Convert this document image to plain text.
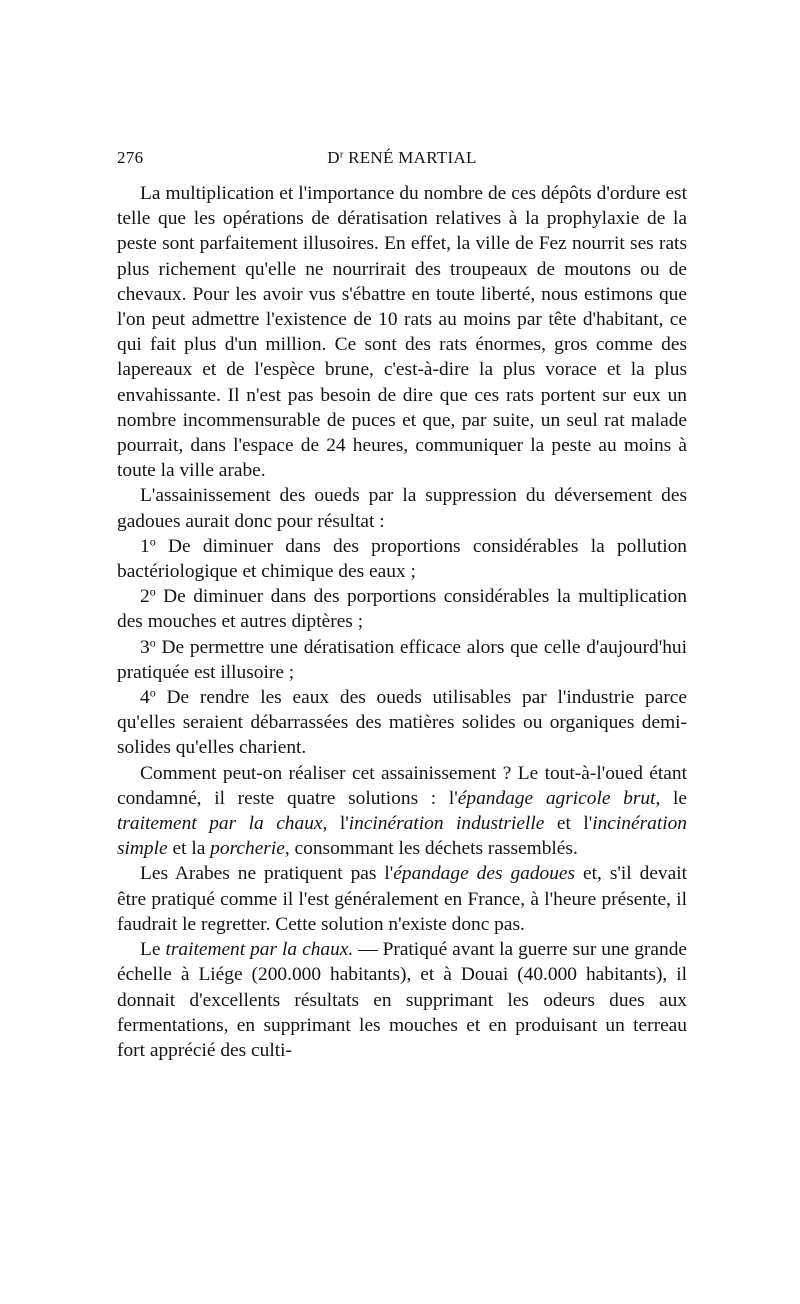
276	$D^r$ RENÉ MARTIAL

La multiplication et l'importance du nombre de ces dépôts d'ordure est telle que les opérations de dératisation relatives à la prophylaxie de la peste sont parfaitement illusoires. En effet, la ville de Fez nourrit ses rats plus richement qu'elle ne nourrirait des troupeaux de moutons ou de chevaux. Pour les avoir vus s'ébattre en toute liberté, nous estimons que l'on peut admettre l'existence de 10 rats au moins par tête d'habitant, ce qui fait plus d'un million. Ce sont des rats énormes, gros comme des lapereaux et de l'espèce brune, c'est-à-dire la plus vorace et la plus envahissante. Il n'est pas besoin de dire que ces rats portent sur eux un nombre incommensurable de puces et que, par suite, un seul rat malade pourrait, dans l'espace de 24 heures, communiquer la peste au moins à toute la ville arabe.

L'assainissement des oueds par la suppression du déversement des gadoues aurait donc pour résultat :

1$^o$ De diminuer dans des proportions considérables la pollution bactériologique et chimique des eaux ;

2$^o$ De diminuer dans des porportions considérables la multiplication des mouches et autres diptères ;

3$^o$ De permettre une dératisation efficace alors que celle d'aujourd'hui pratiquée est illusoire ;

4$^o$ De rendre les eaux des oueds utilisables par l'industrie parce qu'elles seraient débarrassées des matières solides ou organiques demi-solides qu'elles charient.

Comment peut-on réaliser cet assainissement ? Le tout-à-l'oued étant condamné, il reste quatre solutions : l'épandage agricole brut, le traitement par la chaux, l'incinération industrielle et l'incinération simple et la porcherie, consommant les déchets rassemblés.

Les Arabes ne pratiquent pas l'épandage des gadoues et, s'il devait être pratiqué comme il l'est généralement en France, à l'heure présente, il faudrait le regretter. Cette solution n'existe donc pas.

Le traitement par la chaux. — Pratiqué avant la guerre sur une grande échelle à Liége (200.000 habitants), et à Douai (40.000 habitants), il donnait d'excellents résultats en supprimant les odeurs dues aux fermentations, en supprimant les mouches et en produisant un terreau fort apprécié des culti-
